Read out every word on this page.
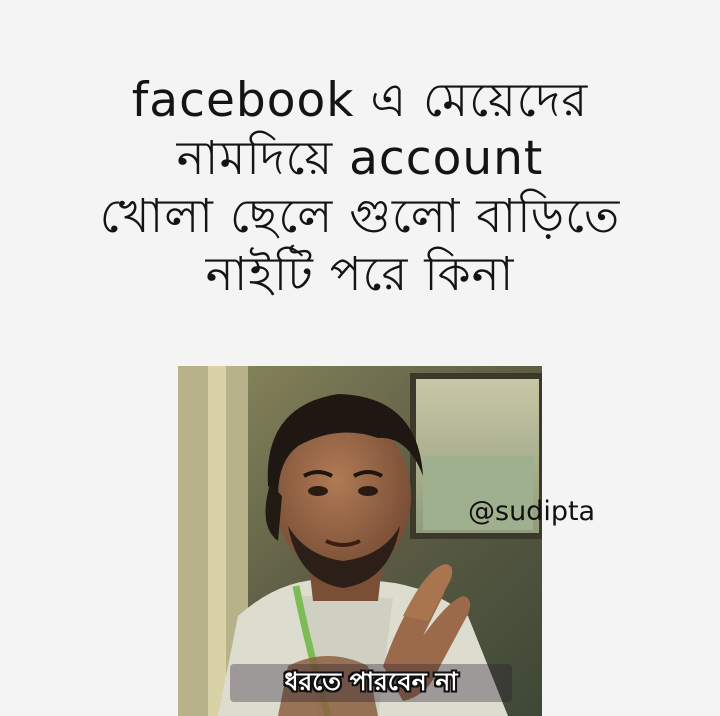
facebook এ মেয়েদের
নামদিয়ে account
খোলা ছেলে গুলো বাড়িতে
নাইটি পরে কিনা
@sudipta
ধরতে পারবেন না
